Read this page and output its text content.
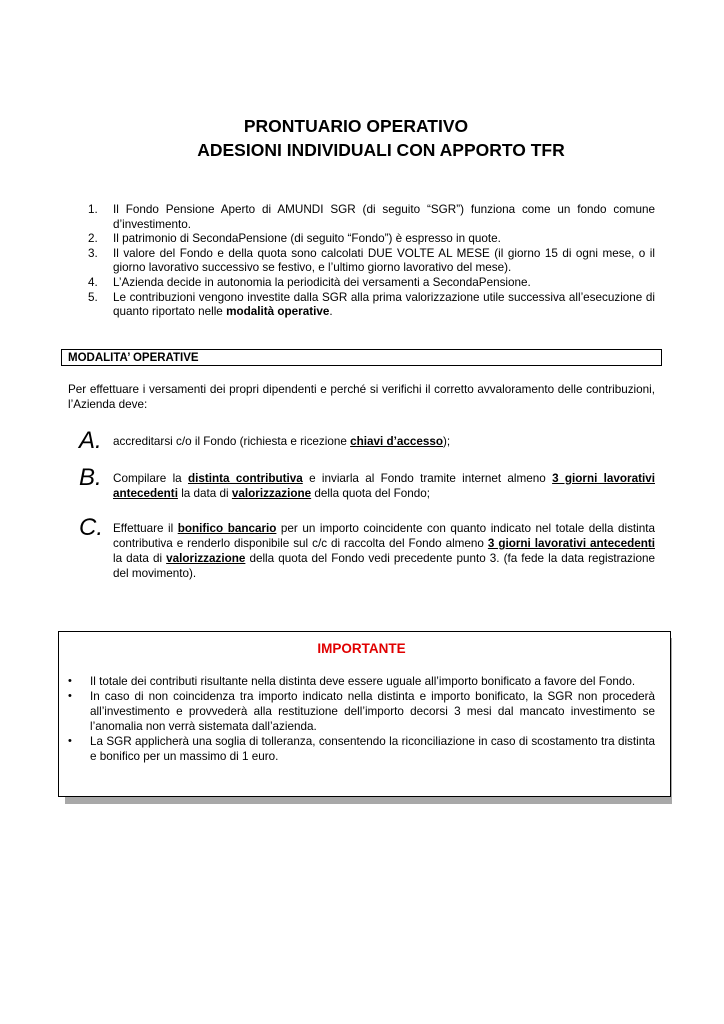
PRONTUARIO OPERATIVO
ADESIONI INDIVIDUALI CON APPORTO TFR
1. Il Fondo Pensione Aperto di AMUNDI SGR (di seguito “SGR”) funziona come un fondo comune d’investimento.
2. Il patrimonio di SecondaPensione (di seguito “Fondo”) è espresso in quote.
3. Il valore del Fondo e della quota sono calcolati DUE VOLTE AL MESE (il giorno 15 di ogni mese, o il giorno lavorativo successivo se festivo, e l’ultimo giorno lavorativo del mese).
4. L’Azienda decide in autonomia la periodicità dei versamenti a SecondaPensione.
5. Le contribuzioni vengono investite dalla SGR alla prima valorizzazione utile successiva all’esecuzione di quanto riportato nelle modalità operative.
MODALITA’ OPERATIVE
Per effettuare i versamenti dei propri dipendenti e perché si verifichi il corretto avvaloramento delle contribuzioni, l’Azienda deve:
A. accreditarsi c/o il Fondo (richiesta e ricezione chiavi d’accesso);
B. Compilare la distinta contributiva e inviarla al Fondo tramite internet almeno 3 giorni lavorativi antecedenti la data di valorizzazione della quota del Fondo;
C. Effettuare il bonifico bancario per un importo coincidente con quanto indicato nel totale della distinta contributiva e renderlo disponibile sul c/c di raccolta del Fondo almeno 3 giorni lavorativi antecedenti la data di valorizzazione della quota del Fondo vedi precedente punto 3. (fa fede la data registrazione del movimento).
IMPORTANTE
• Il totale dei contributi risultante nella distinta deve essere uguale all’importo bonificato a favore del Fondo.
• In caso di non coincidenza tra importo indicato nella distinta e importo bonificato, la SGR non procederà all’investimento e provvederà alla restituzione dell’importo decorsi 3 mesi dal mancato investimento se l’anomalia non verrà sistemata dall’azienda.
• La SGR applicherà una soglia di tolleranza, consentendo la riconciliazione in caso di scostamento tra distinta e bonifico per un massimo di 1 euro.
